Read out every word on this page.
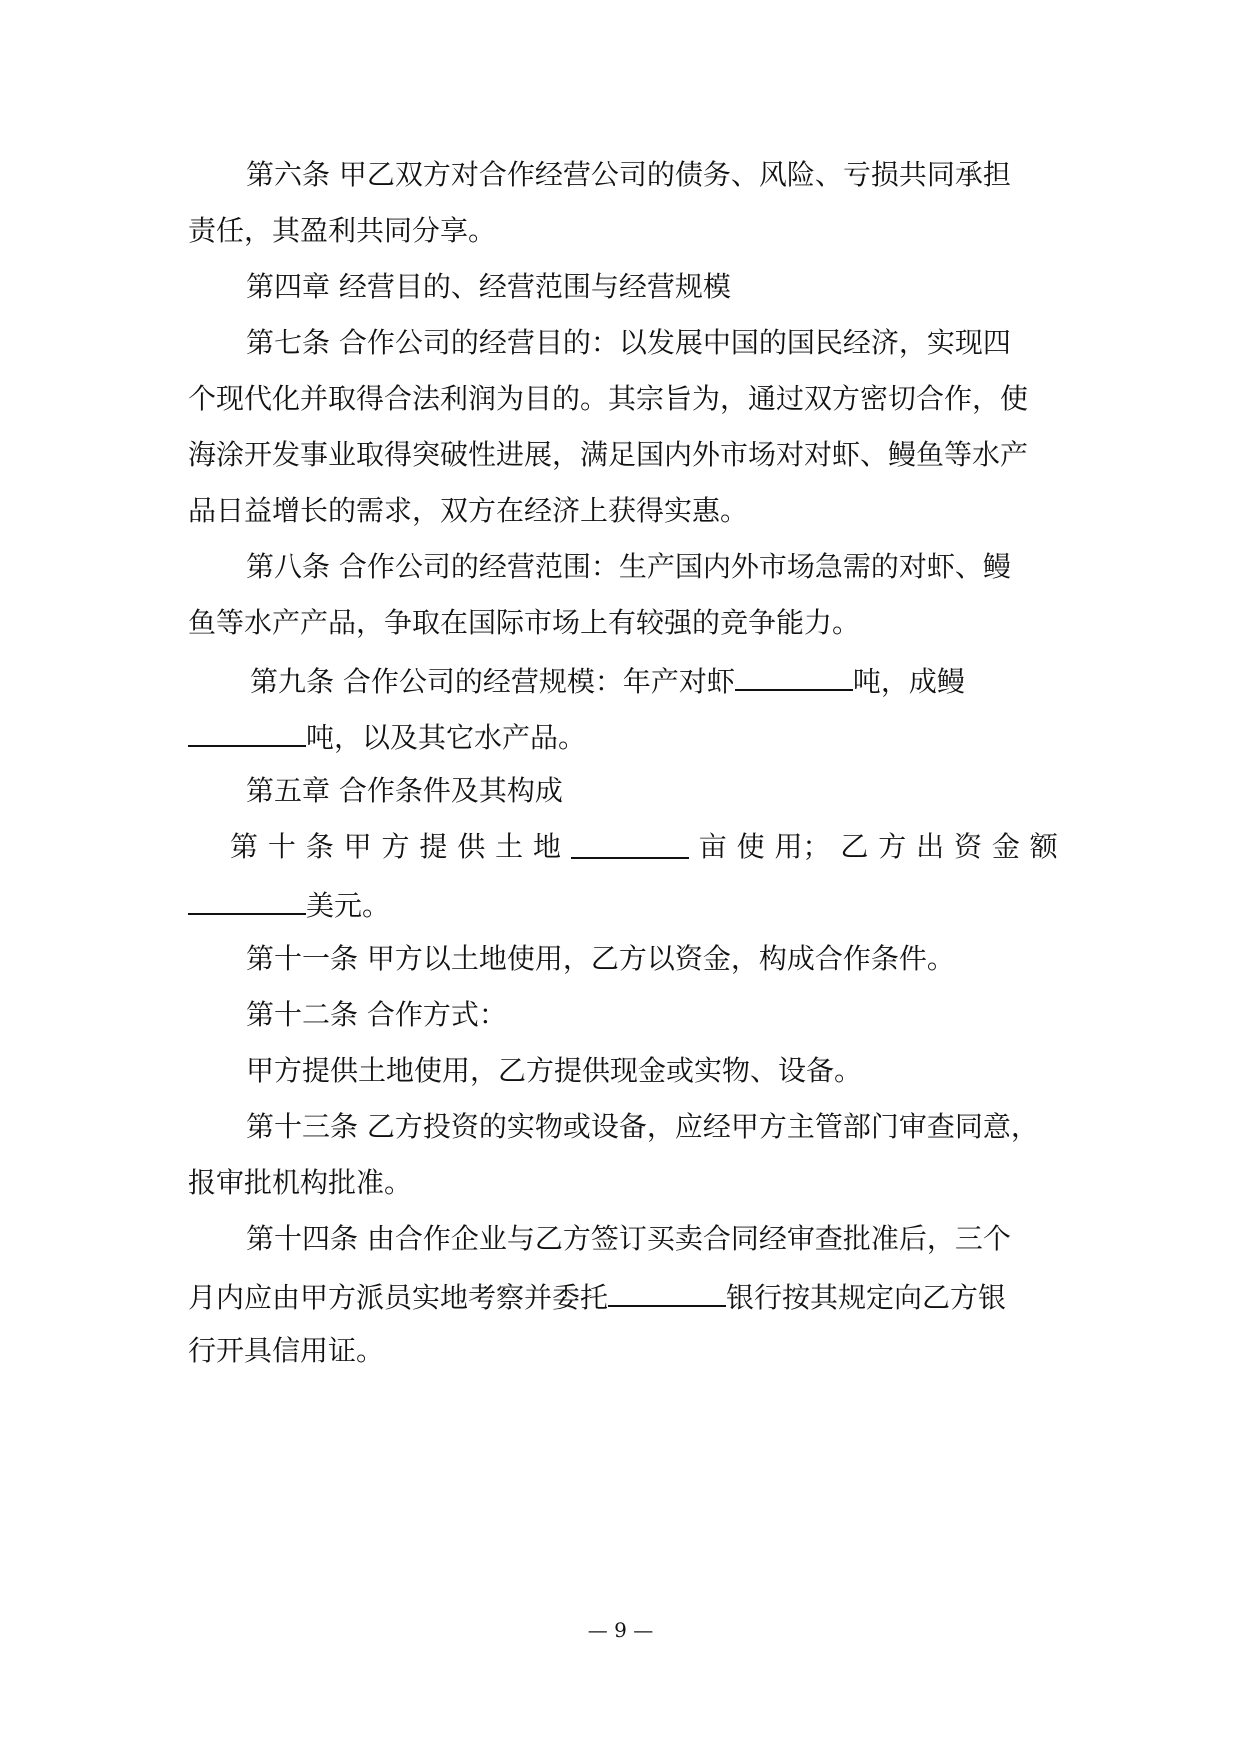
第六条 甲乙双方对合作经营公司的债务、风险、亏损共同承担
责任，其盈利共同分享。
第四章 经营目的、经营范围与经营规模
第七条 合作公司的经营目的：以发展中国的国民经济，实现四
个现代化并取得合法利润为目的。其宗旨为，通过双方密切合作，使
海涂开发事业取得突破性进展，满足国内外市场对对虾、鳗鱼等水产
品日益增长的需求，双方在经济上获得实惠。
第八条 合作公司的经营范围：生产国内外市场急需的对虾、鳗
鱼等水产产品，争取在国际市场上有较强的竞争能力。
第九条 合作公司的经营规模：年产对虾	吨，成鳗
吨，以及其它水产品。
第五章 合作条件及其构成
第 十 条 甲 方 提 供 土 地	亩 使 用； 乙 方 出 资 金 额
美元。
第十一条 甲方以土地使用，乙方以资金，构成合作条件。
第十二条 合作方式：
甲方提供土地使用，乙方提供现金或实物、设备。
第十三条 乙方投资的实物或设备，应经甲方主管部门审查同意，
报审批机构批准。
第十四条 由合作企业与乙方签订买卖合同经审查批准后，三个
月内应由甲方派员实地考察并委托	银行按其规定向乙方银
行开具信用证。
— 9 —
